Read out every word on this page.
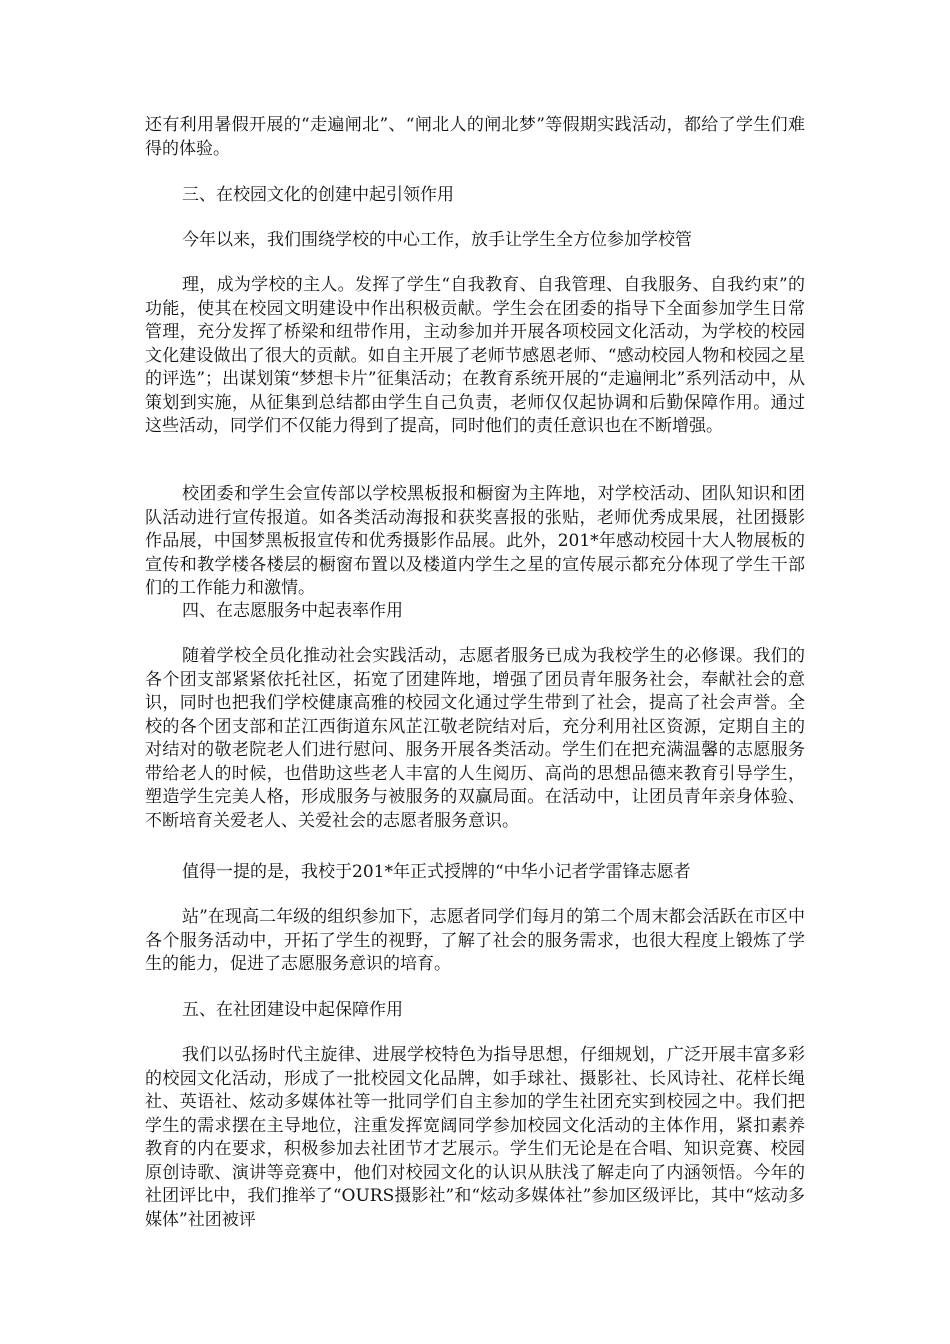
还有利用暑假开展的“走遍闸北”、“闸北人的闸北梦”等假期实践活动，都给了学生们难得的体验。

三、在校园文化的创建中起引领作用

今年以来，我们围绕学校的中心工作，放手让学生全方位参加学校管

理，成为学校的主人。发挥了学生“自我教育、自我管理、自我服务、自我约束”的功能，使其在校园文明建设中作出积极贡献。学生会在团委的指导下全面参加学生日常管理，充分发挥了桥梁和纽带作用，主动参加并开展各项校园文化活动，为学校的校园文化建设做出了很大的贡献。如自主开展了老师节感恩老师、“感动校园人物和校园之星的评选”；出谋划策“梦想卡片”征集活动；在教育系统开展的“走遍闸北”系列活动中，从策划到实施，从征集到总结都由学生自己负责，老师仅仅起协调和后勤保障作用。通过这些活动，同学们不仅能力得到了提高，同时他们的责任意识也在不断增强。

校团委和学生会宣传部以学校黑板报和橱窗为主阵地，对学校活动、团队知识和团队活动进行宣传报道。如各类活动海报和获奖喜报的张贴，老师优秀成果展，社团摄影作品展，中国梦黑板报宣传和优秀摄影作品展。此外，201*年感动校园十大人物展板的宣传和教学楼各楼层的橱窗布置以及楼道内学生之星的宣传展示都充分体现了学生干部们的工作能力和激情。

四、在志愿服务中起表率作用

随着学校全员化推动社会实践活动，志愿者服务已成为我校学生的必修课。我们的各个团支部紧紧依托社区，拓宽了团建阵地，增强了团员青年服务社会，奉献社会的意识，同时也把我们学校健康高雅的校园文化通过学生带到了社会，提高了社会声誉。全校的各个团支部和芷江西街道东风芷江敬老院结对后，充分利用社区资源，定期自主的对结对的敬老院老人们进行慰问、服务开展各类活动。学生们在把充满温馨的志愿服务带给老人的时候，也借助这些老人丰富的人生阅历、高尚的思想品德来教育引导学生，塑造学生完美人格，形成服务与被服务的双赢局面。在活动中，让团员青年亲身体验、不断培育关爱老人、关爱社会的志愿者服务意识。

值得一提的是，我校于201*年正式授牌的“中华小记者学雷锋志愿者

站”在现高二年级的组织参加下，志愿者同学们每月的第二个周末都会活跃在市区中各个服务活动中，开拓了学生的视野，了解了社会的服务需求，也很大程度上锻炼了学生的能力，促进了志愿服务意识的培育。

五、在社团建设中起保障作用

我们以弘扬时代主旋律、进展学校特色为指导思想，仔细规划，广泛开展丰富多彩的校园文化活动，形成了一批校园文化品牌，如手球社、摄影社、长风诗社、花样长绳社、英语社、炫动多媒体社等一批同学们自主参加的学生社团充实到校园之中。我们把学生的需求摆在主导地位，注重发挥宽阔同学参加校园文化活动的主体作用，紧扣素养教育的内在要求，积极参加去社团节才艺展示。学生们无论是在合唱、知识竞赛、校园原创诗歌、演讲等竞赛中，他们对校园文化的认识从肤浅了解走向了内涵领悟。今年的社团评比中，我们推举了“OURS摄影社”和“炫动多媒体社”参加区级评比，其中“炫动多媒体”社团被评
